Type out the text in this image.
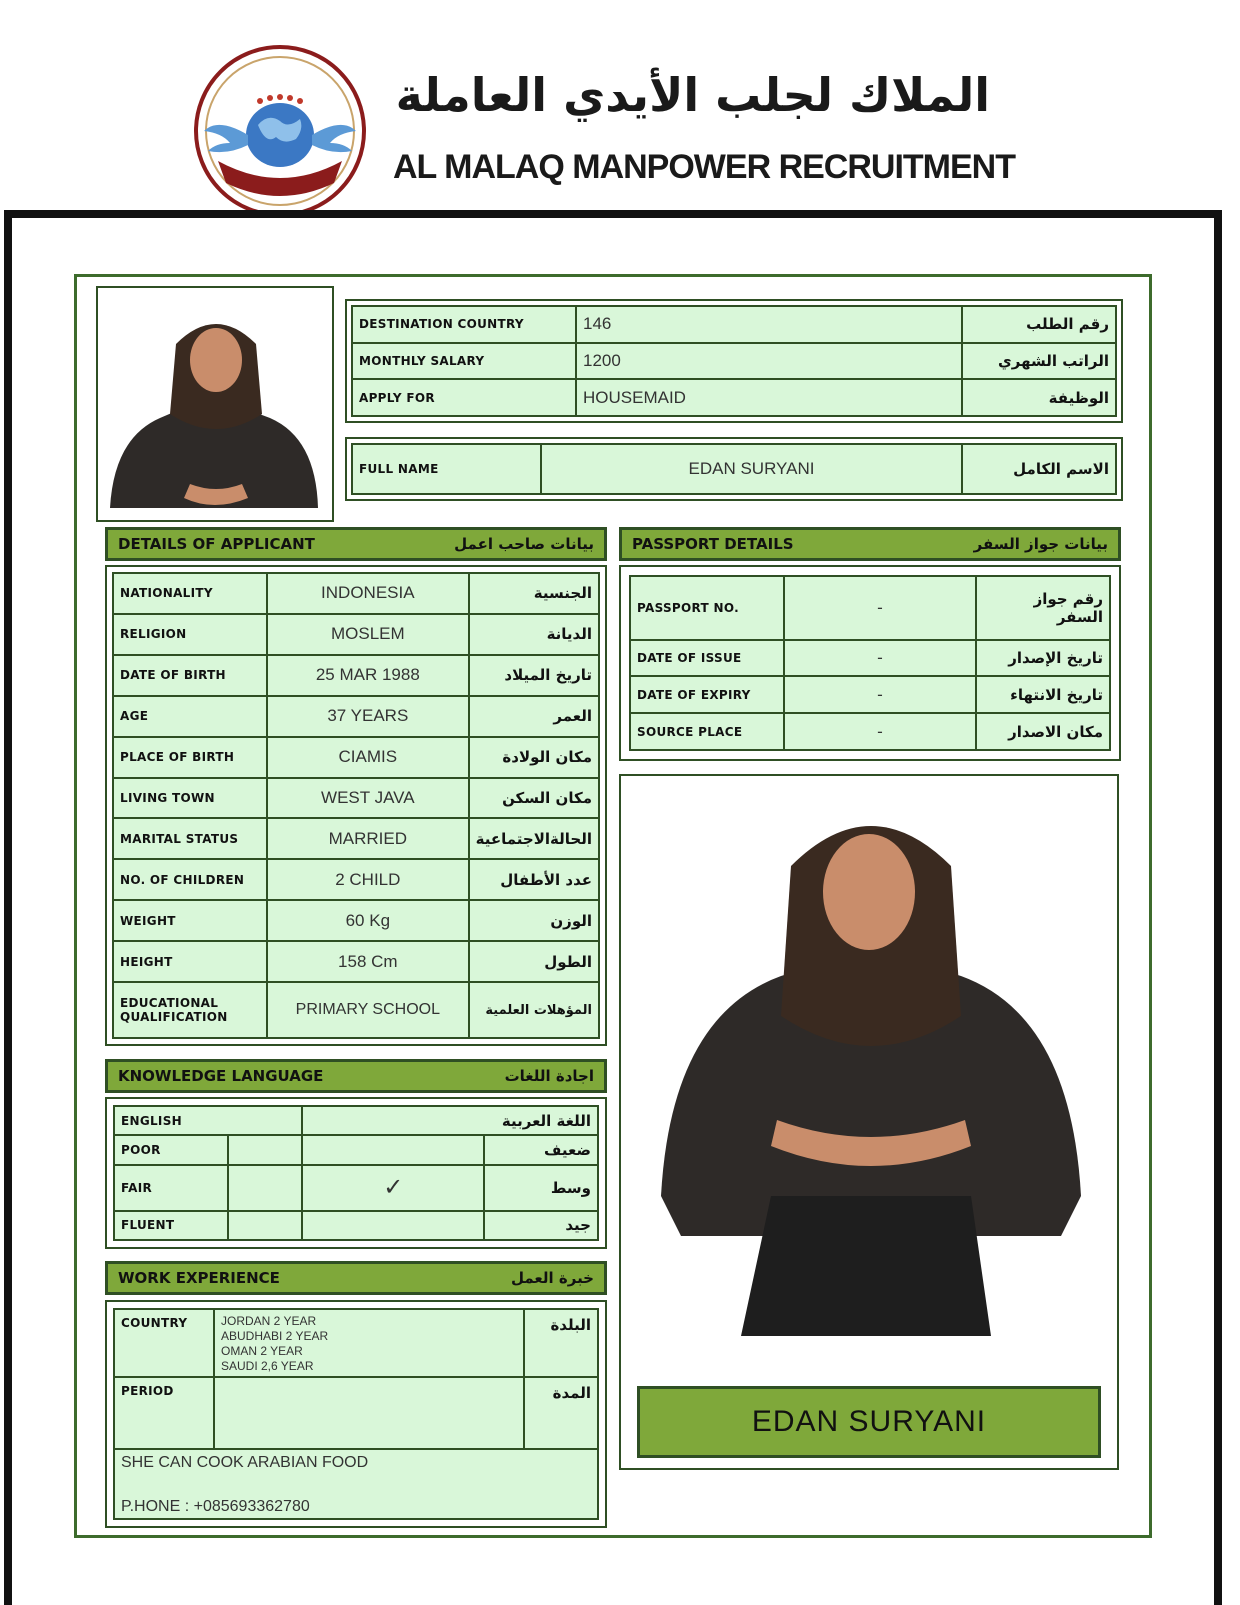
الملاك لجلب الأيدي العاملة
AL MALAQ MANPOWER RECRUITMENT
DESTINATION COUNTRY	146	رقم الطلب
MONTHLY SALARY	1200	الراتب الشهري
APPLY FOR	HOUSEMAID	الوظيفة
FULL NAME	EDAN SURYANI	الاسم الكامل
DETAILS OF APPLICANT	بيانات صاحب اعمل
NATIONALITY	INDONESIA	الجنسية
RELIGION	MOSLEM	الديانة
DATE OF BIRTH	25 MAR 1988	تاريخ الميلاد
AGE	37 YEARS	العمر
PLACE OF BIRTH	CIAMIS	مكان الولادة
LIVING TOWN	WEST JAVA	مكان السكن
MARITAL STATUS	MARRIED	الحالةالاجتماعية
NO. OF CHILDREN	2 CHILD	عدد الأطفال
WEIGHT	60 Kg	الوزن
HEIGHT	158 Cm	الطول
EDUCATIONAL QUALIFICATION	PRIMARY SCHOOL	المؤهلات العلمية
KNOWLEDGE LANGUAGE	اجادة اللغات
ENGLISH		اللغة العربية	
POOR			ضعيف
FAIR		✓	وسط
FLUENT			جيد
WORK EXPERIENCE	خبرة العمل
COUNTRY	JORDAN 2 YEAR
ABUDHABI 2 YEAR
OMAN 2 YEAR
SAUDI 2,6 YEAR	البلدة
PERIOD		المدة

SHE CAN COOK ARABIAN FOOD
P.HONE : +085693362780		
PASSPORT DETAILS	بيانات جواز السفر
PASSPORT NO.	-	رقم جواز السفر
DATE OF ISSUE	-	تاريخ الإصدار
DATE OF EXPIRY	-	تاريخ الانتهاء
SOURCE PLACE	-	مكان الاصدار
EDAN SURYANI
